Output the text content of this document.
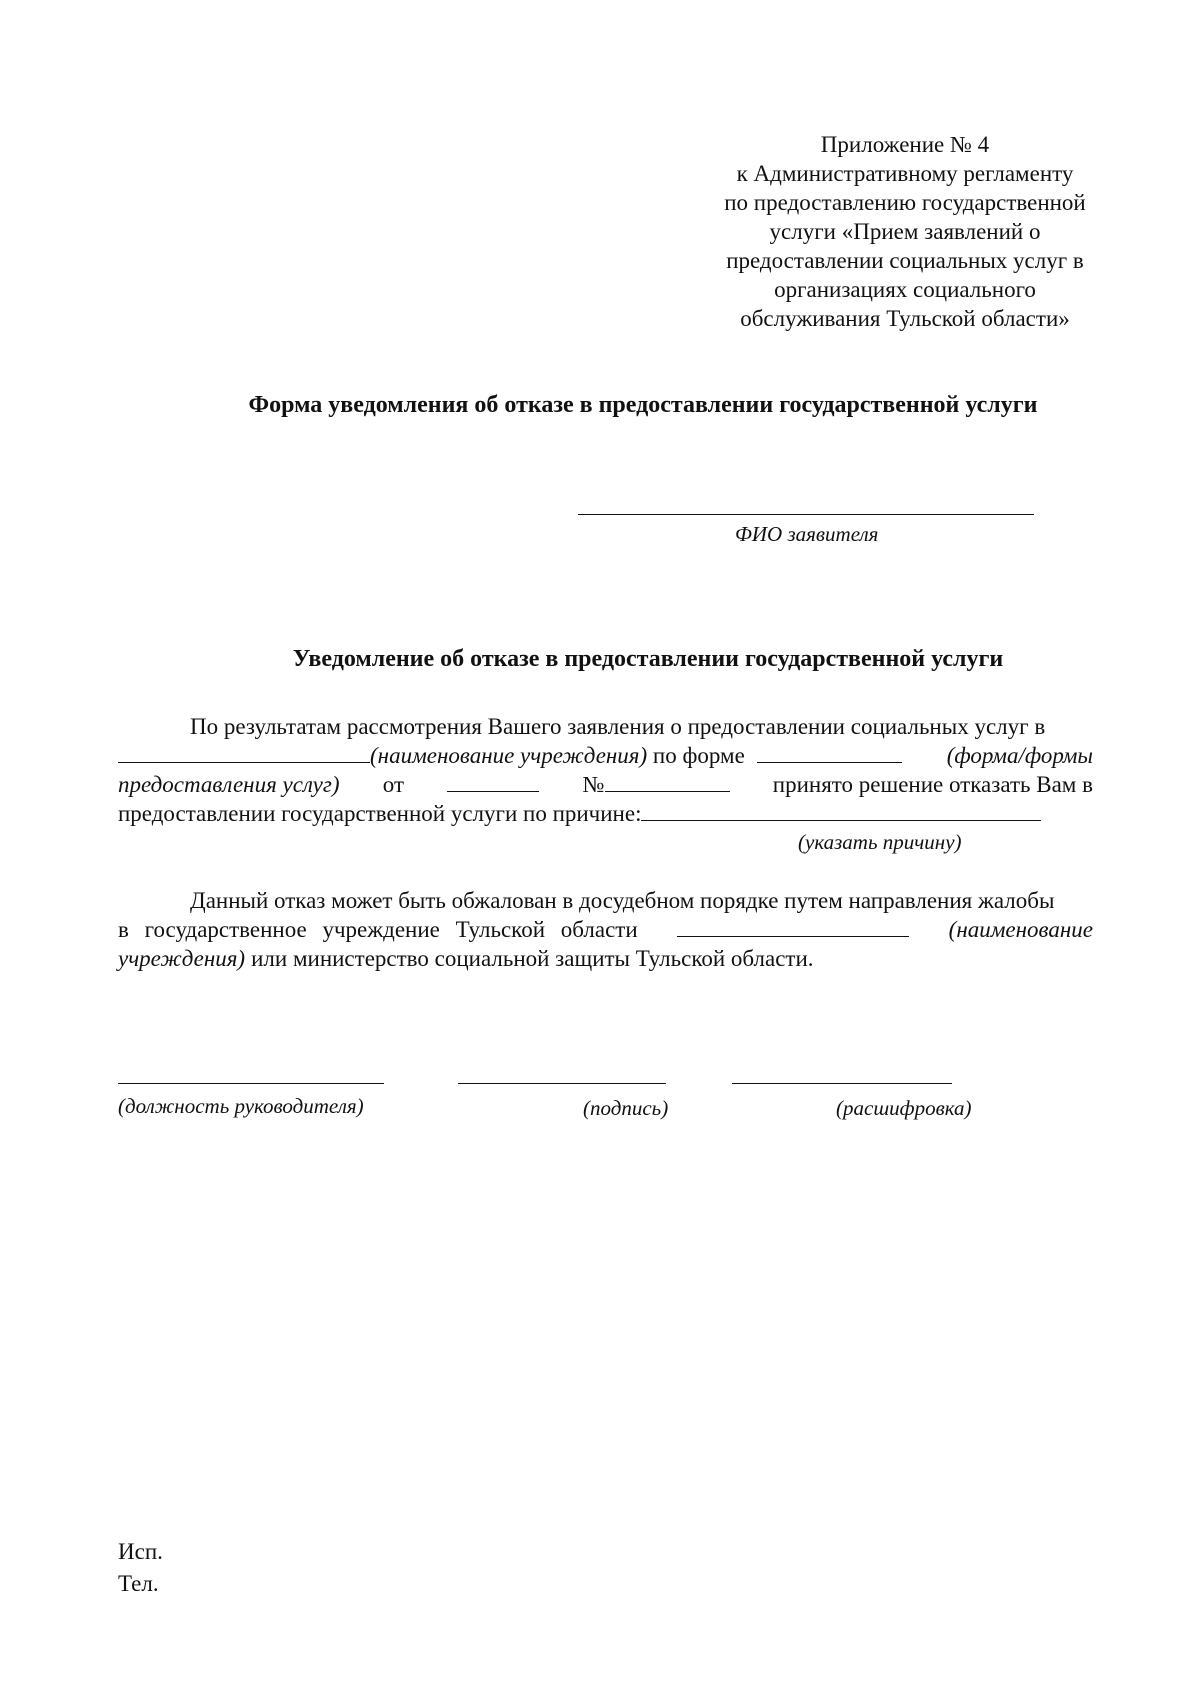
Приложение № 4
к Административному регламенту
по предоставлению государственной
услуги «Прием заявлений о
предоставлении социальных услуг в
организациях социального
обслуживания Тульской области»
Форма уведомления об отказе в предоставлении государственной услуги
ФИО заявителя
Уведомление об отказе в предоставлении государственной услуги
По результатам рассмотрения Вашего заявления о предоставлении социальных услуг в
(наименование учреждения) по форме	(форма/формы
предоставления услуг) от	№	принято решение отказать Вам в
предоставлении государственной услуги по причине:
(указать причину)
Данный отказ может быть обжалован в досудебном порядке путем направления жалобы
в государственное учреждение Тульской области	(наименование
учреждения) или министерство социальной защиты Тульской области.
(должность руководителя)	(подпись)	(расшифровка)
Исп.
Тел.
